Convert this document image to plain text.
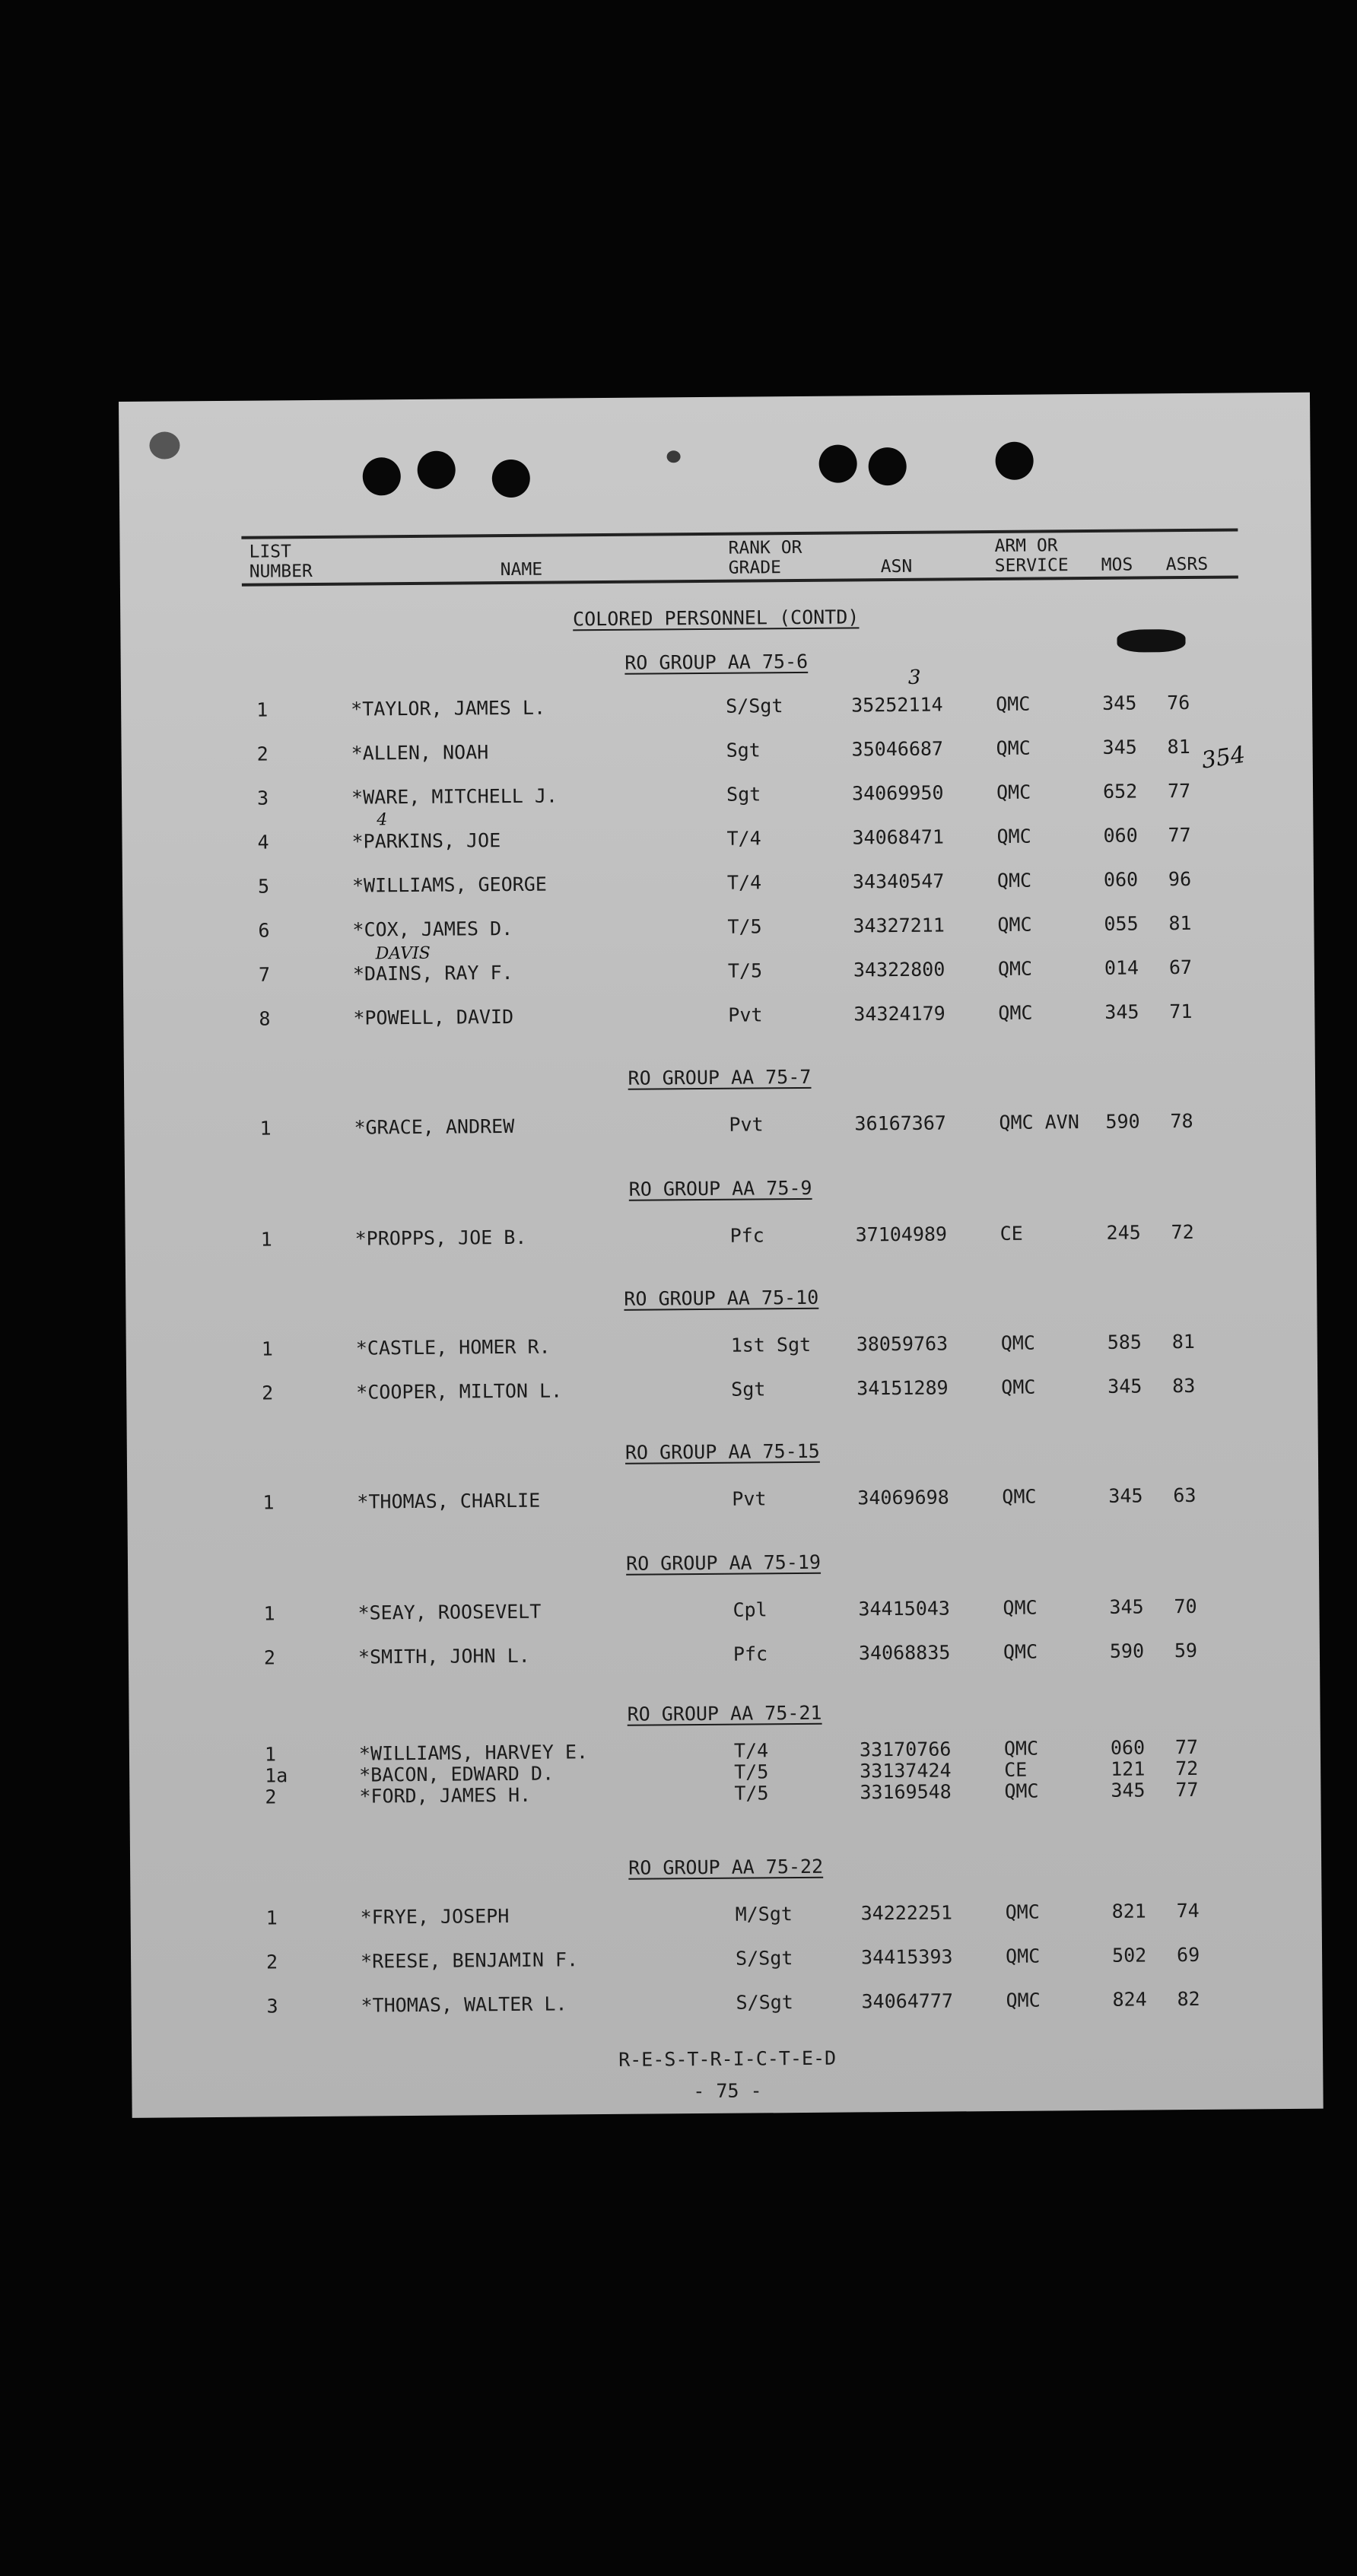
LIST
NUMBER	NAME
RANK OR
GRADE	ASN
ARM OR
SERVICE MOS ASRS
COLORED PERSONNEL (CONTD)
RO GROUP AA 75-6
1	*TAYLOR, JAMES L.	S/Sgt	35252114	QMC	345 76
3
2	*ALLEN, NOAH	Sgt	35046687	QMC	345 81 354
3	*WARE, MITCHELL J.	Sgt	34069950	QMC	652 77
4
4	*PARKINS, JOE	T/4	34068471	QMC	060 77
5	*WILLIAMS, GEORGE	T/4	34340547	QMC	060 96
6	*COX, JAMES D.	T/5	34327211	QMC	055 81
DAVIS
7	*DAINS, RAY F.	T/5	34322800	QMC	014 67
8	*POWELL, DAVID	Pvt	34324179	QMC	345 71
RO GROUP AA 75-7
1	*GRACE, ANDREW	Pvt	36167367	QMC AVN 590 78
RO GROUP AA 75-9
1	*PROPPS, JOE B.	Pfc	37104989	CE	245 72
RO GROUP AA 75-10
1	*CASTLE, HOMER R.	1st Sgt 38059763	QMC	585 81
2	*COOPER, MILTON L.	Sgt	34151289	QMC	345 83
RO GROUP AA 75-15
1	*THOMAS, CHARLIE	Pvt	34069698	QMC	345 63
RO GROUP AA 75-19
1	*SEAY, ROOSEVELT	Cpl	34415043	QMC	345 70
2	*SMITH, JOHN L.	Pfc	34068835	QMC	590 59
RO GROUP AA 75-21
1	*WILLIAMS, HARVEY E.	T/4	33170766	QMC	060 77
1a	*BACON, EDWARD D.	T/5	33137424	CE	121 72
2	*FORD, JAMES H.	T/5	33169548	QMC	345 77
RO GROUP AA 75-22
1	*FRYE, JOSEPH	M/Sgt	34222251	QMC	821 74
2	*REESE, BENJAMIN F.	S/Sgt	34415393	QMC	502 69
3	*THOMAS, WALTER L.	S/Sgt	34064777	QMC	824 82
R-E-S-T-R-I-C-T-E-D
- 75 -
